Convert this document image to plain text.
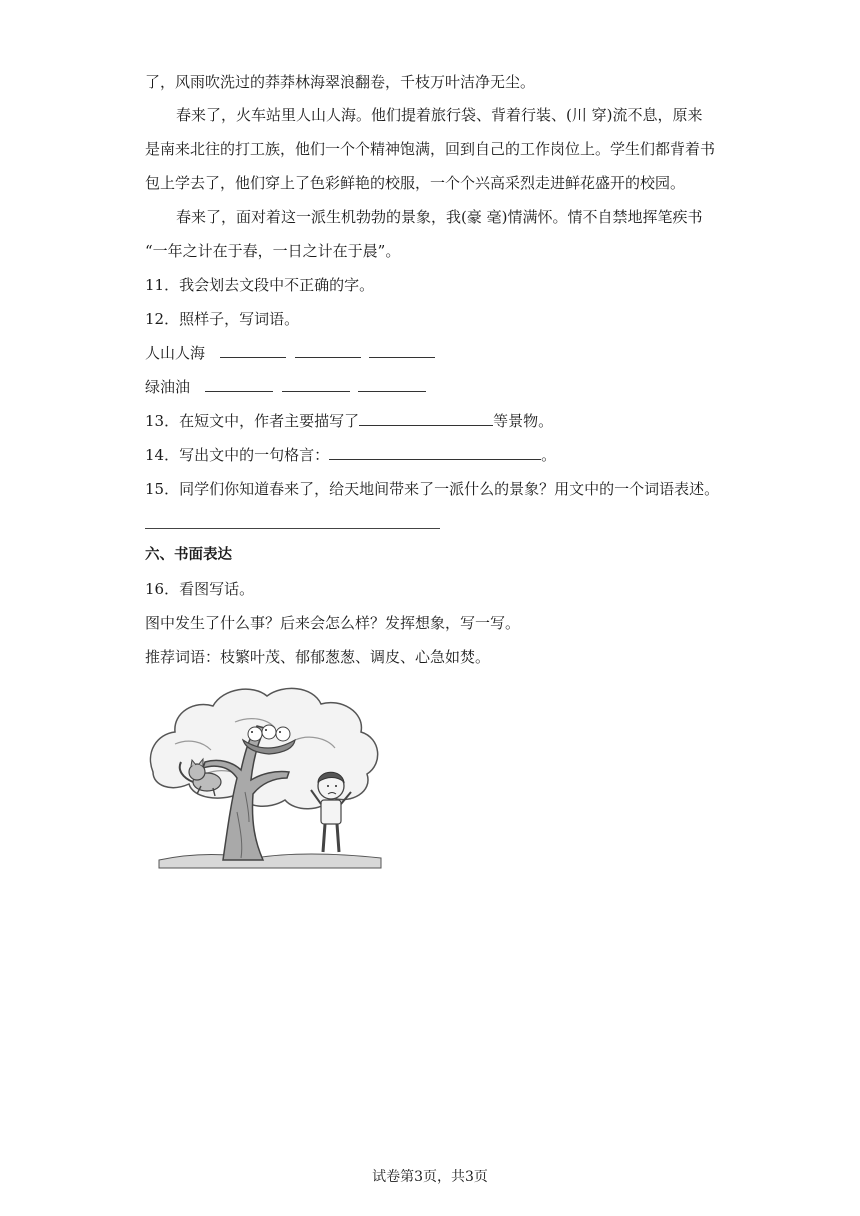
了，风雨吹洗过的莽莽林海翠浪翻卷，千枝万叶洁净无尘。
春来了，火车站里人山人海。他们提着旅行袋、背着行装、(川 穿)流不息，原来
是南来北往的打工族，他们一个个精神饱满，回到自己的工作岗位上。学生们都背着书
包上学去了，他们穿上了色彩鲜艳的校服，一个个兴高采烈走进鲜花盛开的校园。
春来了，面对着这一派生机勃勃的景象，我(豪 毫)情满怀。情不自禁地挥笔疾书
“一年之计在于春，一日之计在于晨”。
11．我会划去文段中不正确的字。
12．照样子，写词语。
人山人海
绿油油
13．在短文中，作者主要描写了	等景物。
14．写出文中的一句格言：	。
15．同学们你知道春来了，给天地间带来了一派什么的景象？用文中的一个词语表述。
六、书面表达
16．看图写话。
图中发生了什么事？后来会怎么样？发挥想象，写一写。
推荐词语：枝繁叶茂、郁郁葱葱、调皮、心急如焚。
试卷第3页，共3页
